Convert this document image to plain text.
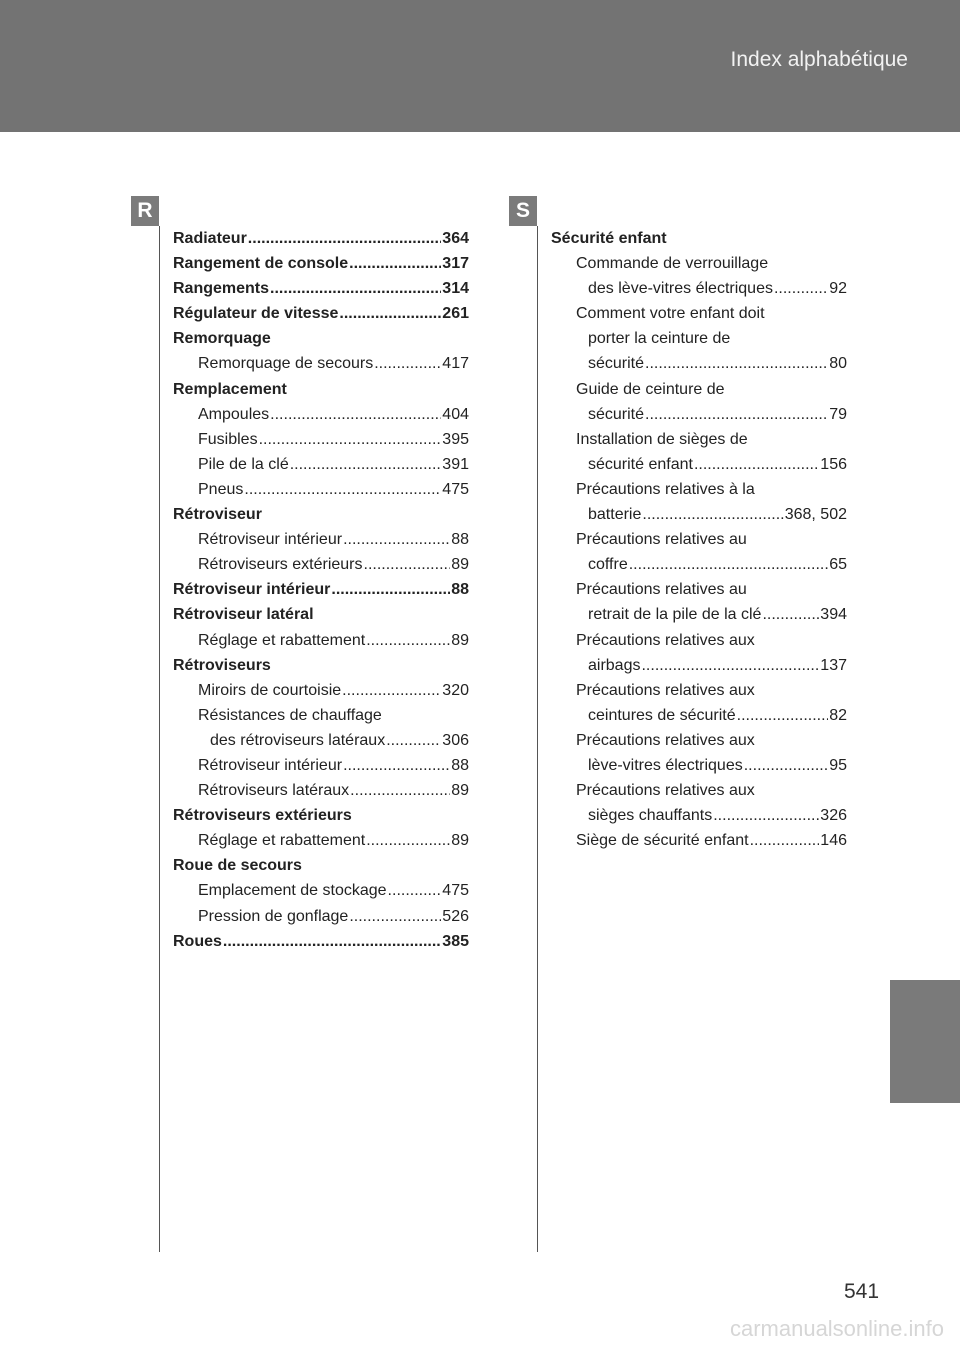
Index alphabétique
R	S
Radiateur .....	364
Rangement de console .....	317
Rangements .....	314
Régulateur de vitesse .....	261
Remorquage
Remorquage de secours .....	417
Remplacement
Ampoules .....	404
Fusibles .....	395
Pile de la clé .....	391
Pneus .....	475
Rétroviseur
Rétroviseur intérieur .....	88
Rétroviseurs extérieurs .....	89
Rétroviseur intérieur .....	88
Rétroviseur latéral
Réglage et rabattement .....	89
Rétroviseurs
Miroirs de courtoisie .....	320
Résistances de chauffage
des rétroviseurs latéraux .....	306
Rétroviseur intérieur .....	88
Rétroviseurs latéraux .....	89
Rétroviseurs extérieurs
Réglage et rabattement .....	89
Roue de secours
Emplacement de stockage .....	475
Pression de gonflage .....	526
Roues .....	385
Sécurité enfant
Commande de verrouillage
des lève-vitres électriques .....	92
Comment votre enfant doit
porter la ceinture de
sécurité .....	80
Guide de ceinture de
sécurité .....	79
Installation de sièges de
sécurité enfant .....	156
Précautions relatives à la
batterie .....	368, 502
Précautions relatives au
coffre .....	65
Précautions relatives au
retrait de la pile de la clé .....	394
Précautions relatives aux
airbags .....	137
Précautions relatives aux
ceintures de sécurité .....	82
Précautions relatives aux
lève-vitres électriques .....	95
Précautions relatives aux
sièges chauffants .....	326
Siège de sécurité enfant .....	146
541
carmanualsonline.info
